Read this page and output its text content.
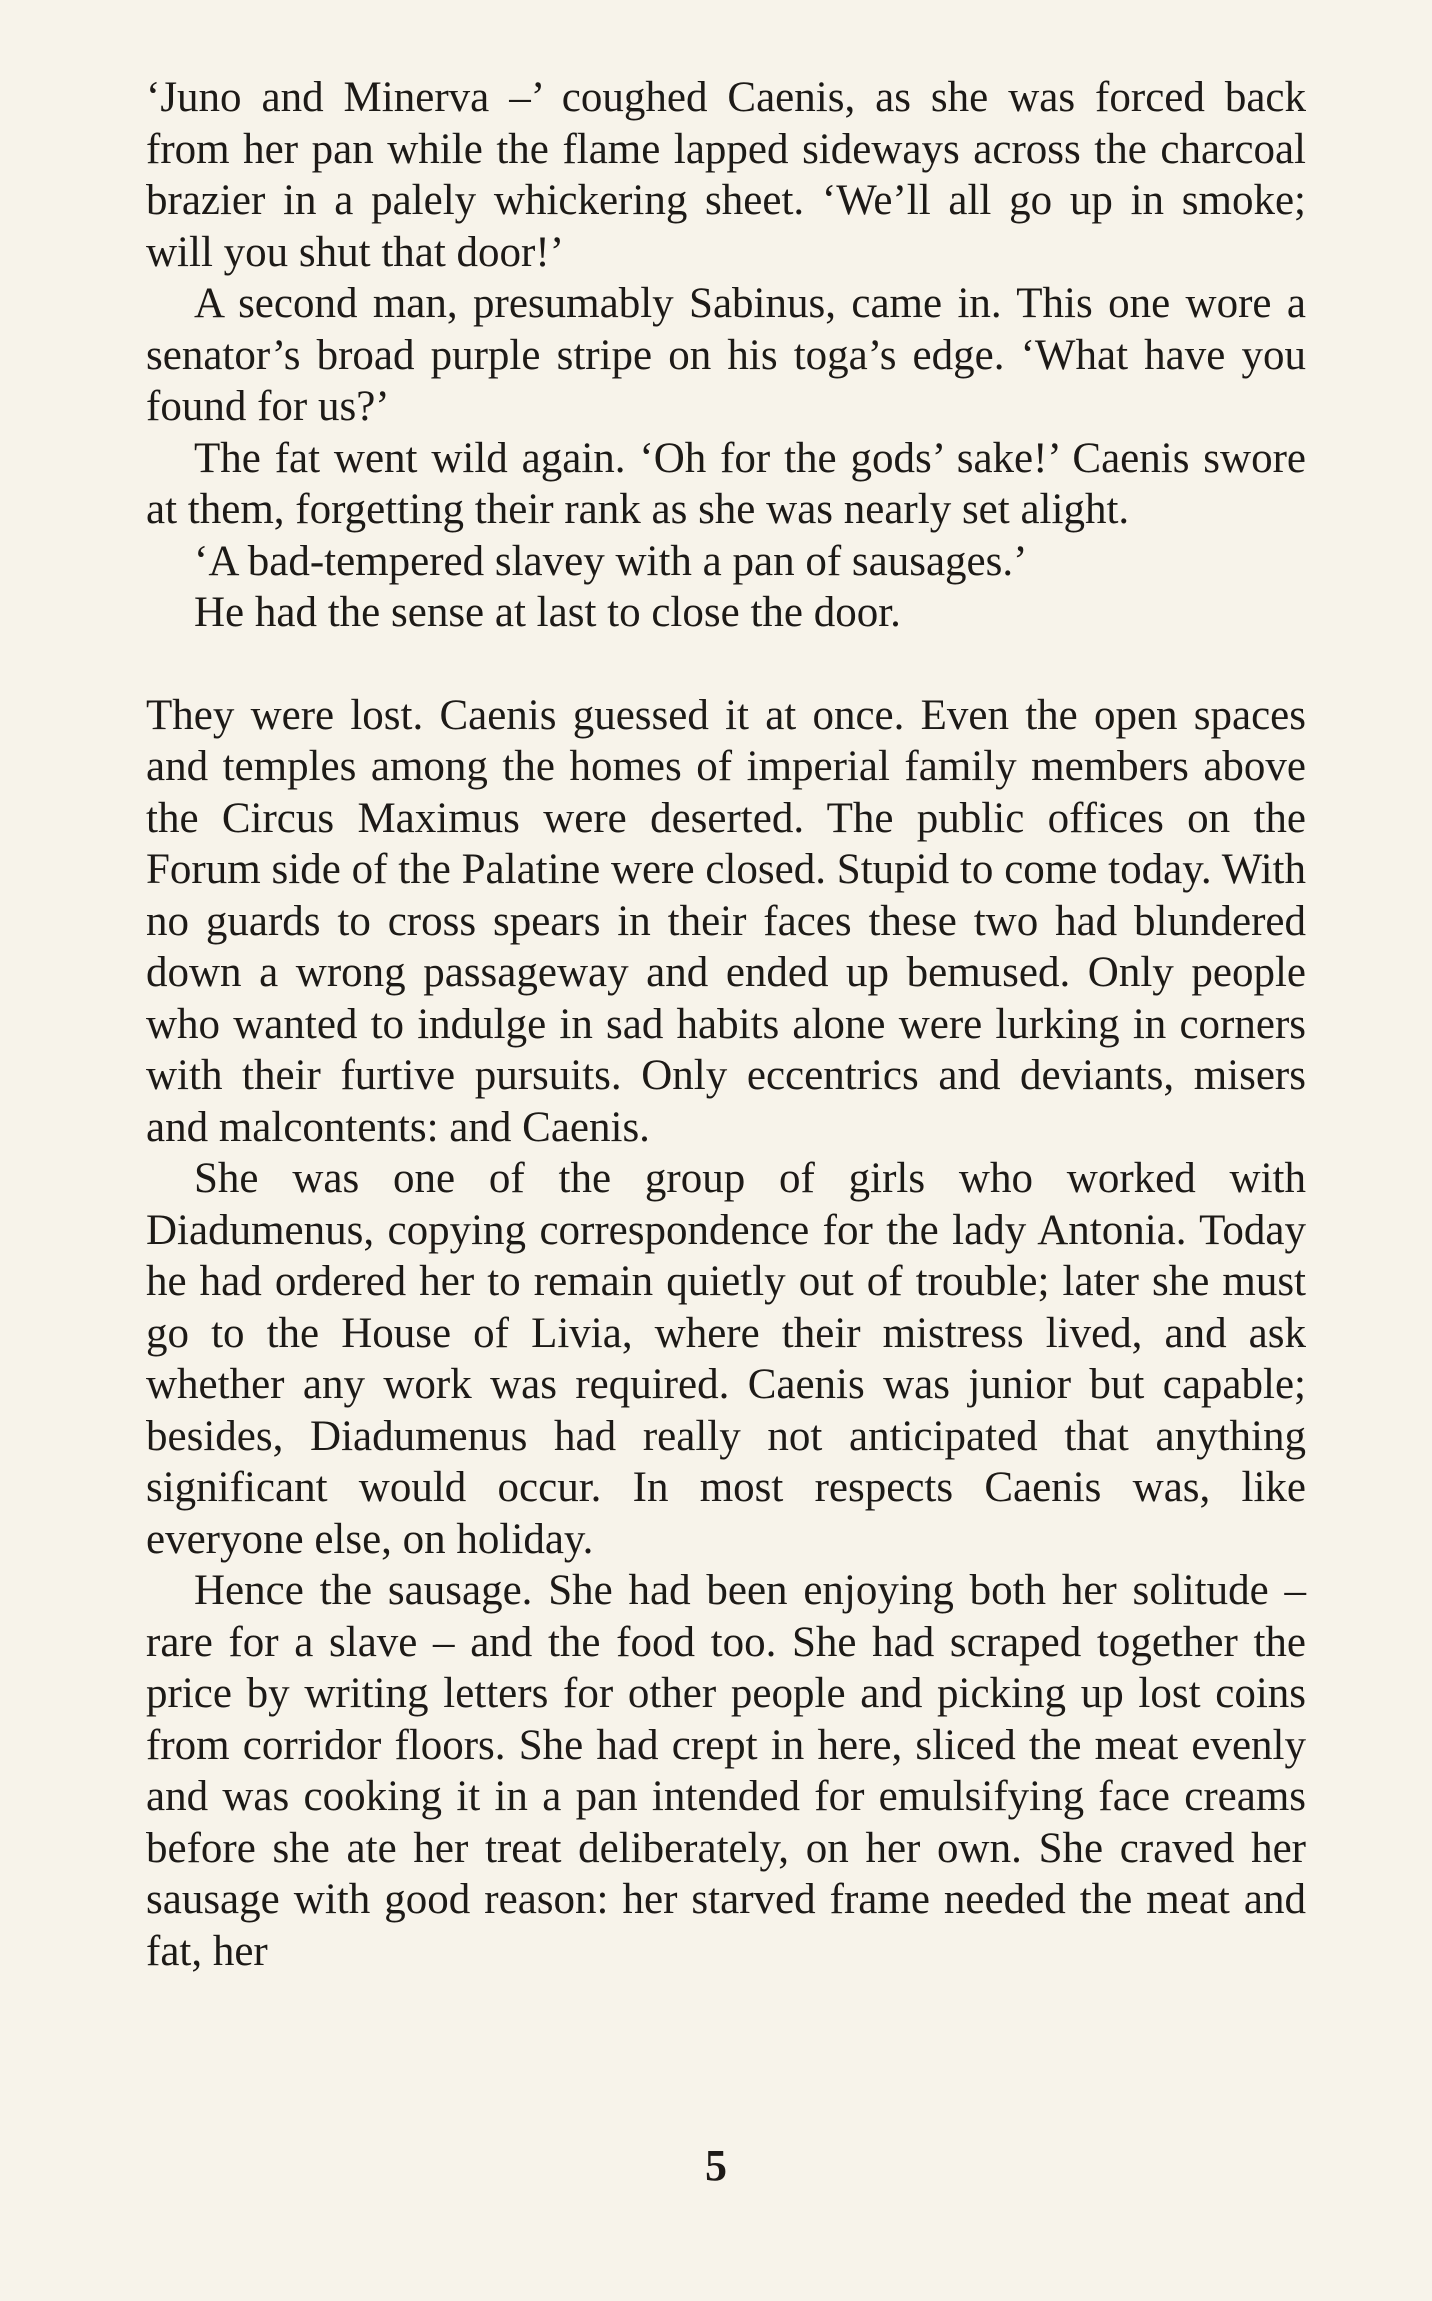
‘Juno and Minerva –’ coughed Caenis, as she was forced back from her pan while the flame lapped sideways across the charcoal brazier in a palely whickering sheet. ‘We’ll all go up in smoke; will you shut that door!’

A second man, presumably Sabinus, came in. This one wore a senator’s broad purple stripe on his toga’s edge. ‘What have you found for us?’

The fat went wild again. ‘Oh for the gods’ sake!’ Caenis swore at them, forgetting their rank as she was nearly set alight.

‘A bad-tempered slavey with a pan of sausages.’

He had the sense at last to close the door.

They were lost. Caenis guessed it at once. Even the open spaces and temples among the homes of imperial family members above the Circus Maximus were deserted. The public offices on the Forum side of the Palatine were closed. Stupid to come today. With no guards to cross spears in their faces these two had blundered down a wrong passageway and ended up bemused. Only people who wanted to indulge in sad habits alone were lurking in corners with their furtive pursuits. Only eccentrics and deviants, misers and malcontents: and Caenis.

She was one of the group of girls who worked with Diadumenus, copying correspondence for the lady Antonia. Today he had ordered her to remain quietly out of trouble; later she must go to the House of Livia, where their mistress lived, and ask whether any work was required. Caenis was junior but capable; besides, Diadumenus had really not anticipated that anything significant would occur. In most respects Caenis was, like everyone else, on holiday.

Hence the sausage. She had been enjoying both her solitude – rare for a slave – and the food too. She had scraped together the price by writing letters for other people and picking up lost coins from corridor floors. She had crept in here, sliced the meat evenly and was cooking it in a pan intended for emulsifying face creams before she ate her treat deliberately, on her own. She craved her sausage with good reason: her starved frame needed the meat and fat, her

5
